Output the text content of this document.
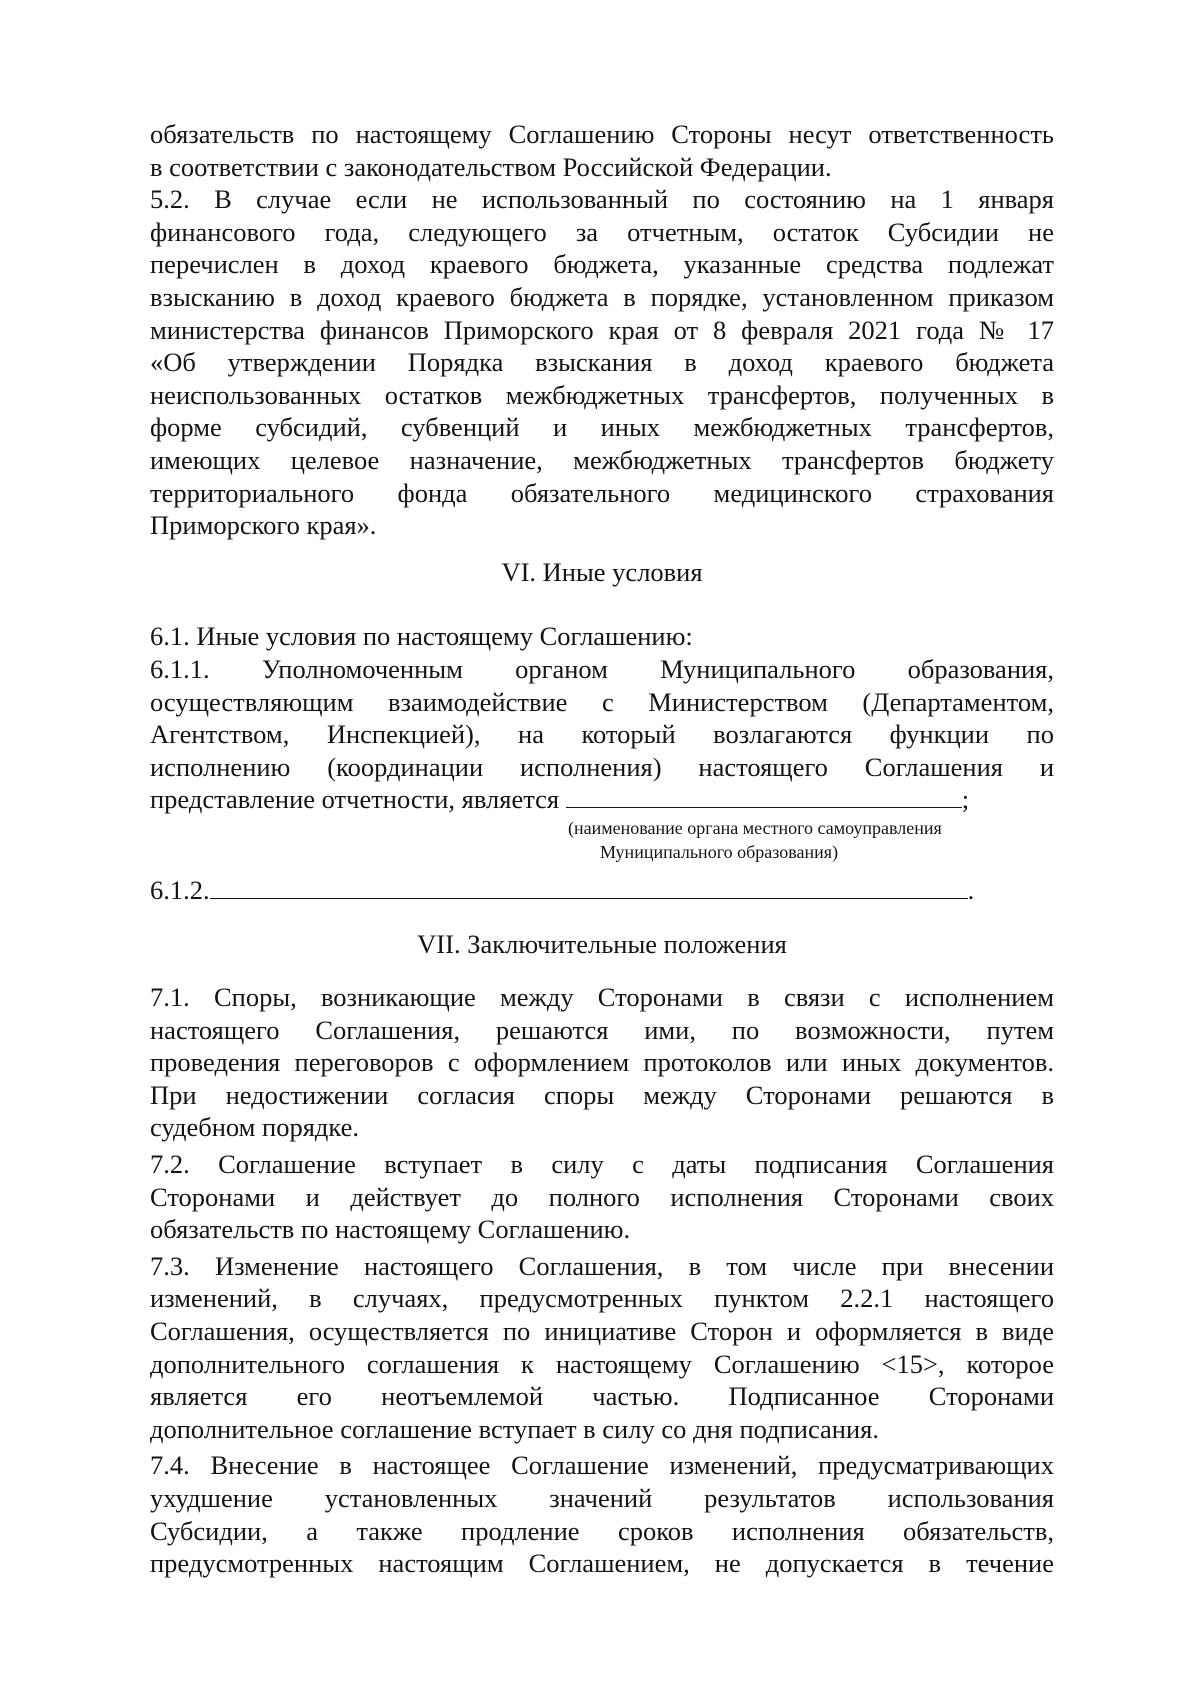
обязательств по настоящему Соглашению Стороны несут ответственность

в соответствии с законодательством Российской Федерации.

5.2. В случае если не использованный по состоянию на 1 января

финансового года, следующего за отчетным, остаток Субсидии не

перечислен в доход краевого бюджета, указанные средства подлежат

взысканию в доход краевого бюджета в порядке, установленном приказом

министерства финансов Приморского края от 8 февраля 2021 года № 17

«Об утверждении Порядка взыскания в доход краевого бюджета

неиспользованных остатков межбюджетных трансфертов, полученных в

форме субсидий, субвенций и иных межбюджетных трансфертов,

имеющих целевое назначение, межбюджетных трансфертов бюджету

территориального фонда обязательного медицинского страхования

Приморского края».

VI. Иные условия

6.1. Иные условия по настоящему Соглашению:

6.1.1. Уполномоченным органом Муниципального образования,

осуществляющим взаимодействие с Министерством (Департаментом,

Агентством, Инспекцией), на который возлагаются функции по

исполнению (координации исполнения) настоящего Соглашения и

представление отчетности, является	;

(наименование органа местного самоуправления
Муниципального образования)

6.1.2.	.

VII. Заключительные положения

7.1. Споры, возникающие между Сторонами в связи с исполнением

настоящего Соглашения, решаются ими, по возможности, путем

проведения переговоров с оформлением протоколов или иных документов.

При недостижении согласия споры между Сторонами решаются в

судебном порядке.

7.2. Соглашение вступает в силу с даты подписания Соглашения

Сторонами и действует до полного исполнения Сторонами своих

обязательств по настоящему Соглашению.

7.3. Изменение настоящего Соглашения, в том числе при внесении

изменений, в случаях, предусмотренных пунктом 2.2.1 настоящего

Соглашения, осуществляется по инициативе Сторон и оформляется в виде

дополнительного соглашения к настоящему Соглашению <15>, которое

является его неотъемлемой частью. Подписанное Сторонами

дополнительное соглашение вступает в силу со дня подписания.

7.4. Внесение в настоящее Соглашение изменений, предусматривающих

ухудшение установленных значений результатов использования

Субсидии, а также продление сроков исполнения обязательств,

предусмотренных настоящим Соглашением, не допускается в течение
